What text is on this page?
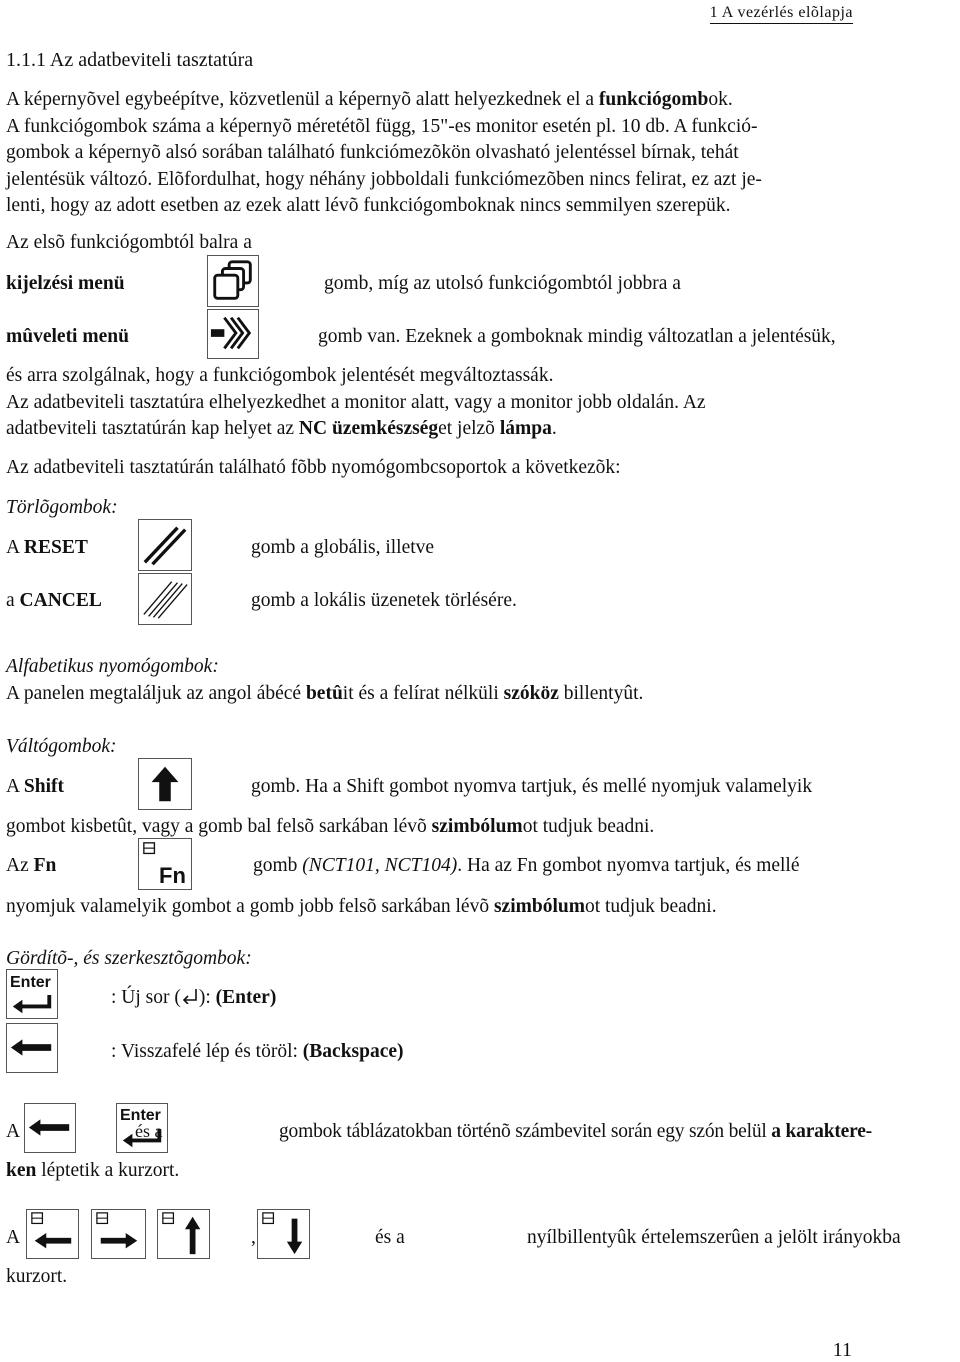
1 A vezérlés elõlapja
1.1.1 Az adatbeviteli tasztatúra
A képernyõvel egybeépítve, közvetlenül a képernyõ alatt helyezkednek el a funkciógombok.
A funkciógombok száma a képernyõ méretétõl függ, 15"-es monitor esetén pl. 10 db. A funkció-
gombok a képernyõ alsó sorában található funkciómezõkön olvasható jelentéssel bírnak, tehát
jelentésük változó. Elõfordulhat, hogy néhány jobboldali funkciómezõben nincs felirat, ez azt je-
lenti, hogy az adott esetben az ezek alatt lévõ funkciógomboknak nincs semmilyen szerepük.
Az elsõ funkciógombtól balra a
kijelzési menü	gomb, míg az utolsó funkciógombtól jobbra a
mûveleti menü	gomb van. Ezeknek a gomboknak mindig változatlan a jelentésük,
és arra szolgálnak, hogy a funkciógombok jelentését megváltoztassák.
Az adatbeviteli tasztatúra elhelyezkedhet a monitor alatt, vagy a monitor jobb oldalán. Az
adatbeviteli tasztatúrán kap helyet az NC üzemkészséget jelzõ lámpa.
Az adatbeviteli tasztatúrán található fõbb nyomógombcsoportok a következõk:
Törlõgombok:
A RESET	gomb a globális, illetve
a CANCEL	gomb a lokális üzenetek törlésére.
Alfabetikus nyomógombok:
A panelen megtaláljuk az angol ábécé betûit és a felírat nélküli szóköz billentyût.
Váltógombok:
A Shift	gomb. Ha a Shift gombot nyomva tartjuk, és mellé nyomjuk valamelyik
gombot kisbetût, vagy a gomb bal felsõ sarkában lévõ szimbólumot tudjuk beadni.
Az Fn	Fn	gomb (NCT101, NCT104). Ha az Fn gombot nyomva tartjuk, és mellé
nyomjuk valamelyik gombot a gomb jobb felsõ sarkában lévõ szimbólumot tudjuk beadni.
Gördítõ-, és szerkesztõgombok:
Enter
: Új sor ( ): (Enter)
: Visszafelé lép és töröl: (Backspace)
A
Enter
és a	gombok táblázatokban történõ számbevitel során egy szón belül a karaktere-
ken léptetik a kurzort.
A	,	és a	nyílbillentyûk értelemszerûen a jelölt irányokba
kurzort.
11
